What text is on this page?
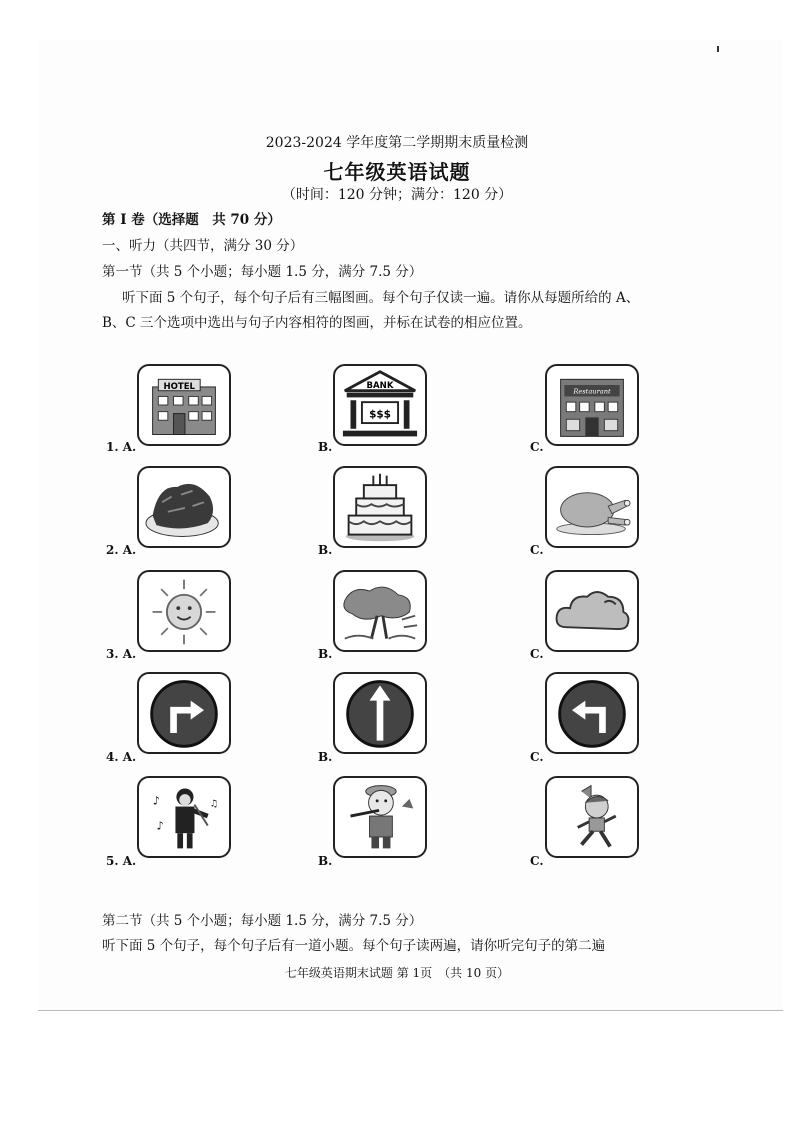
2023-2024 学年度第二学期期末质量检测
七年级英语试题
（时间：120 分钟；满分：120 分）
第 Ⅰ 卷（选择题　共 70 分）
一、听力（共四节，满分 30 分）
第一节（共 5 个小题；每小题 1.5 分，满分 7.5 分）
听下面 5 个句子，每个句子后有三幅图画。每个句子仅读一遍。请你从每题所给的 A、
B、C 三个选项中选出与句子内容相符的图画，并标在试卷的相应位置。
HOTEL
1. A.
BANK
$$$
B.
Restaurant
C.
2. A.	B.	C.
3. A.	B.	C.
4. A.	B.	C.
♪
♪
♫
5. A.	B.	C.
第二节（共 5 个小题；每小题 1.5 分，满分 7.5 分）
听下面 5 个句子，每个句子后有一道小题。每个句子读两遍，请你听完句子的第二遍
七年级英语期末试题 第 1页　（共 10 页）
